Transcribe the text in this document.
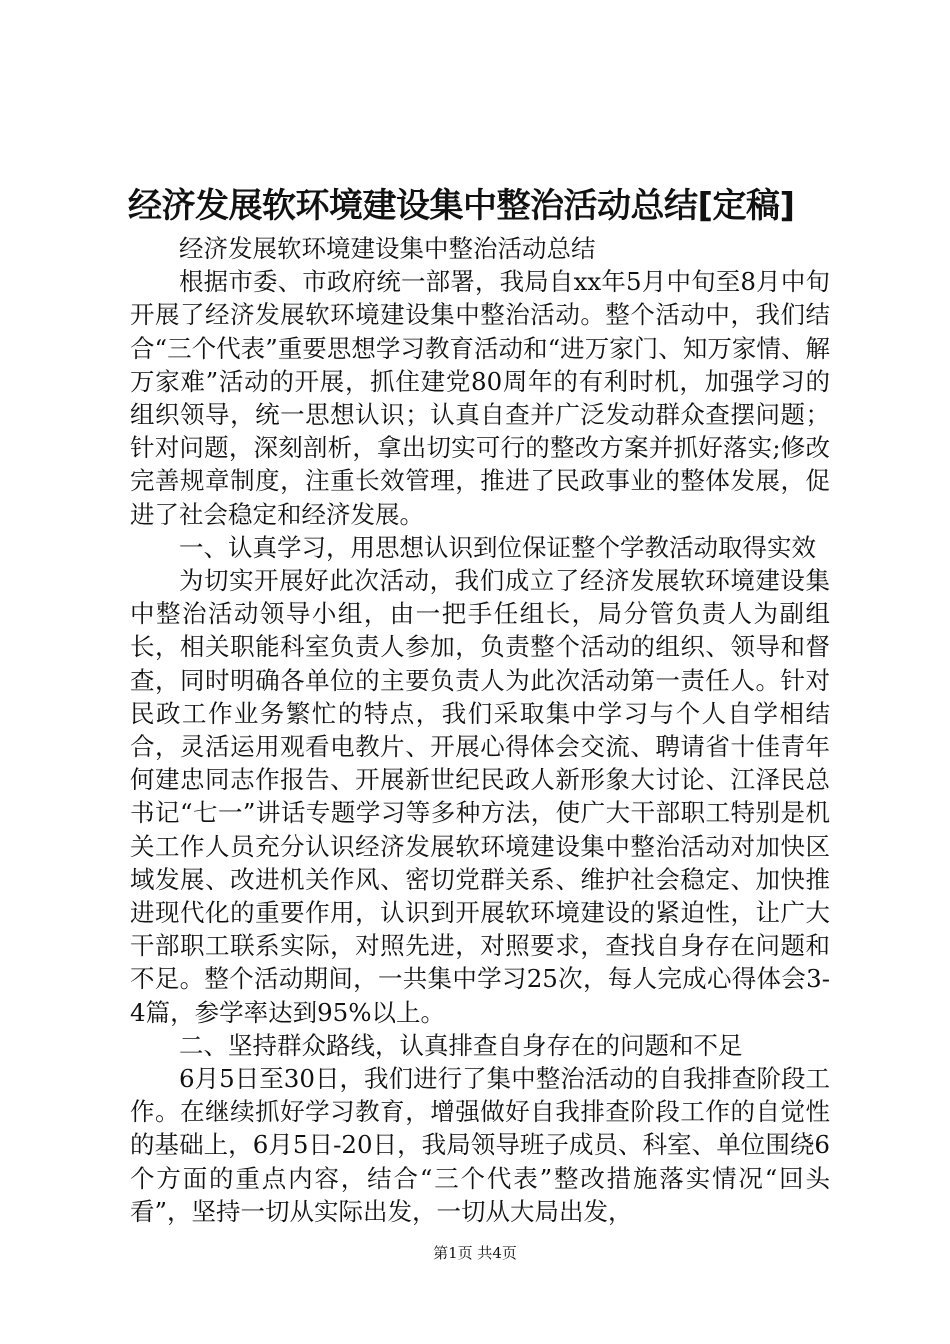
经济发展软环境建设集中整治活动总结[定稿]

经济发展软环境建设集中整治活动总结

根据市委、市政府统一部署，我局自xx年5月中旬至8月中旬开展了经济发展软环境建设集中整治活动。整个活动中，我们结合“三个代表”重要思想学习教育活动和“进万家门、知万家情、解万家难”活动的开展，抓住建党80周年的有利时机，加强学习的组织领导，统一思想认识；认真自查并广泛发动群众查摆问题；针对问题，深刻剖析，拿出切实可行的整改方案并抓好落实;修改完善规章制度，注重长效管理，推进了民政事业的整体发展，促进了社会稳定和经济发展。

一、认真学习，用思想认识到位保证整个学教活动取得实效

为切实开展好此次活动，我们成立了经济发展软环境建设集中整治活动领导小组，由一把手任组长，局分管负责人为副组长，相关职能科室负责人参加，负责整个活动的组织、领导和督查，同时明确各单位的主要负责人为此次活动第一责任人。针对民政工作业务繁忙的特点，我们采取集中学习与个人自学相结合，灵活运用观看电教片、开展心得体会交流、聘请省十佳青年何建忠同志作报告、开展新世纪民政人新形象大讨论、江泽民总书记“七一”讲话专题学习等多种方法，使广大干部职工特别是机关工作人员充分认识经济发展软环境建设集中整治活动对加快区域发展、改进机关作风、密切党群关系、维护社会稳定、加快推进现代化的重要作用，认识到开展软环境建设的紧迫性，让广大干部职工联系实际，对照先进，对照要求，查找自身存在问题和不足。整个活动期间，一共集中学习25次，每人完成心得体会3-4篇，参学率达到95%以上。

二、坚持群众路线，认真排查自身存在的问题和不足

6月5日至30日，我们进行了集中整治活动的自我排查阶段工作。在继续抓好学习教育，增强做好自我排查阶段工作的自觉性的基础上，6月5日-20日，我局领导班子成员、科室、单位围绕6个方面的重点内容，结合“三个代表”整改措施落实情况“回头看”，坚持一切从实际出发，一切从大局出发，

第1页 共4页
